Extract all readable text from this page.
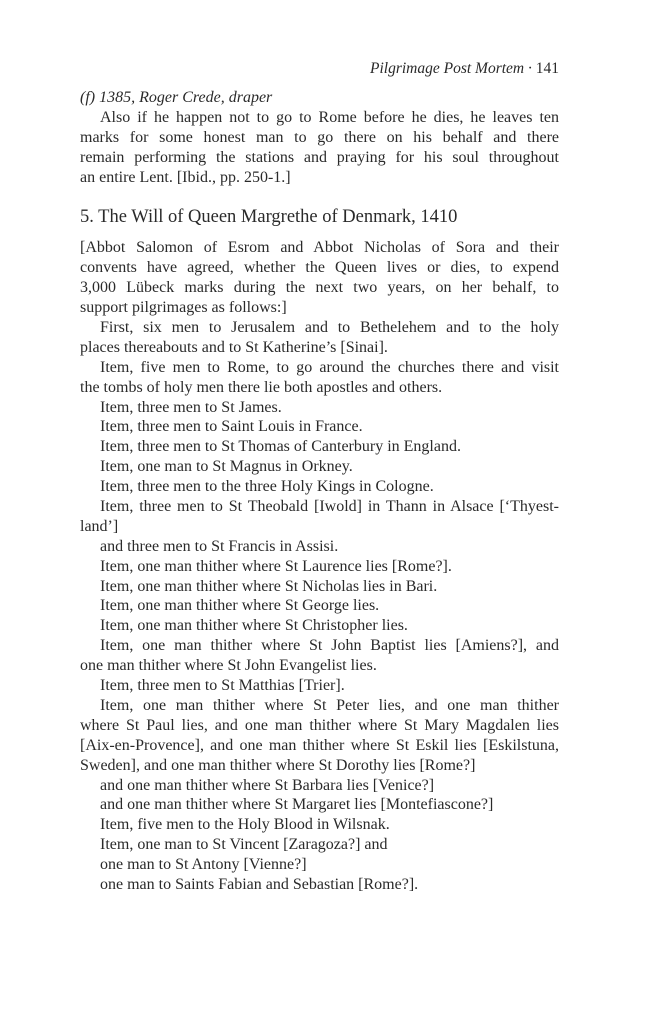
Pilgrimage Post Mortem · 141
(f) 1385, Roger Crede, draper
Also if he happen not to go to Rome before he dies, he leaves ten
marks for some honest man to go there on his behalf and there
remain performing the stations and praying for his soul throughout
an entire Lent. [Ibid., pp. 250-1.]
5. The Will of Queen Margrethe of Denmark, 1410
[Abbot Salomon of Esrom and Abbot Nicholas of Sora and their
convents have agreed, whether the Queen lives or dies, to expend
3,000 Lübeck marks during the next two years, on her behalf, to
support pilgrimages as follows:]
First, six men to Jerusalem and to Bethelehem and to the holy
places thereabouts and to St Katherine’s [Sinai].
Item, five men to Rome, to go around the churches there and visit
the tombs of holy men there lie both apostles and others.
Item, three men to St James.
Item, three men to Saint Louis in France.
Item, three men to St Thomas of Canterbury in England.
Item, one man to St Magnus in Orkney.
Item, three men to the three Holy Kings in Cologne.
Item, three men to St Theobald [Iwold] in Thann in Alsace [‘Thyest-
land’]
and three men to St Francis in Assisi.
Item, one man thither where St Laurence lies [Rome?].
Item, one man thither where St Nicholas lies in Bari.
Item, one man thither where St George lies.
Item, one man thither where St Christopher lies.
Item, one man thither where St John Baptist lies [Amiens?], and
one man thither where St John Evangelist lies.
Item, three men to St Matthias [Trier].
Item, one man thither where St Peter lies, and one man thither
where St Paul lies, and one man thither where St Mary Magdalen lies
[Aix-en-Provence], and one man thither where St Eskil lies [Eskilstuna,
Sweden], and one man thither where St Dorothy lies [Rome?]
and one man thither where St Barbara lies [Venice?]
and one man thither where St Margaret lies [Montefiascone?]
Item, five men to the Holy Blood in Wilsnak.
Item, one man to St Vincent [Zaragoza?] and
one man to St Antony [Vienne?]
one man to Saints Fabian and Sebastian [Rome?].
